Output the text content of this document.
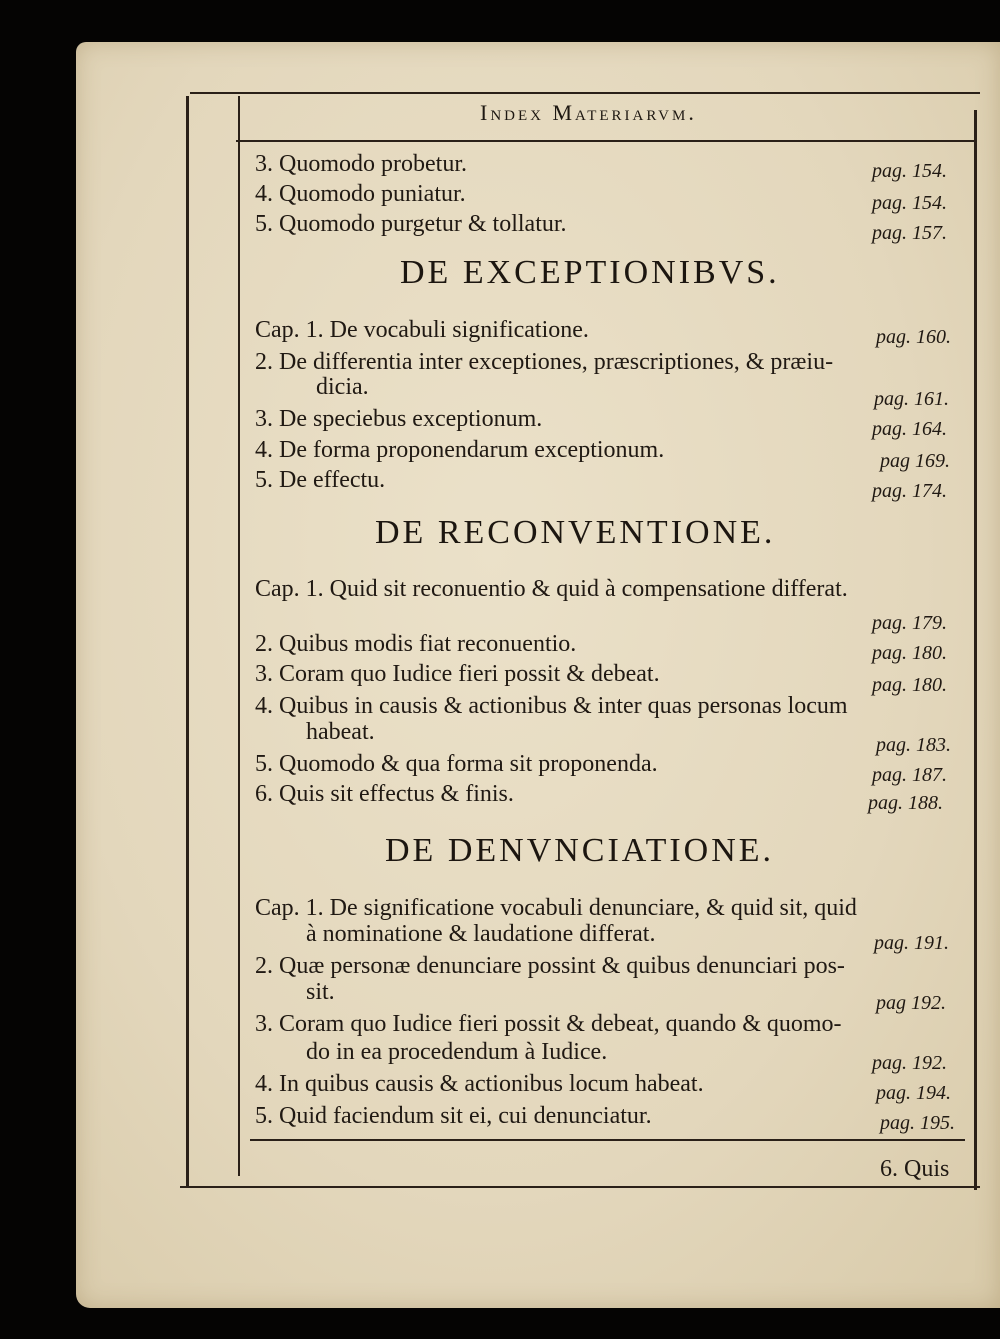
Index Materiarvm.
3. Quomodo probetur.	pag. 154.
4. Quomodo puniatur.	pag. 154.
5. Quomodo purgetur & tollatur.	pag. 157.
DE EXCEPTIONIBVS.
Cap. 1. De vocabuli significatione.	pag. 160.
2. De differentia inter exceptiones, præscriptiones, & præiu-
dicia.	pag. 161.
3. De speciebus exceptionum.	pag. 164.
4. De forma proponendarum exceptionum.	pag 169.
5. De effectu.	pag. 174.
DE RECONVENTIONE.
Cap. 1. Quid sit reconuentio & quid à compensatione differat.
pag. 179.
2. Quibus modis fiat reconuentio.	pag. 180.
3. Coram quo Iudice fieri possit & debeat.	pag. 180.
4. Quibus in causis & actionibus & inter quas personas locum
habeat.	pag. 183.
5. Quomodo & qua forma sit proponenda.	pag. 187.
6. Quis sit effectus & finis.	pag. 188.
DE DENVNCIATIONE.
Cap. 1. De significatione vocabuli denunciare, & quid sit, quid
à nominatione & laudatione differat.	pag. 191.
2. Quæ personæ denunciare possint & quibus denunciari pos-
sit.	pag 192.
3. Coram quo Iudice fieri possit & debeat, quando & quomo-
do in ea procedendum à Iudice.	pag. 192.
4. In quibus causis & actionibus locum habeat.	pag. 194.
5. Quid faciendum sit ei, cui denunciatur.	pag. 195.
6. Quis
